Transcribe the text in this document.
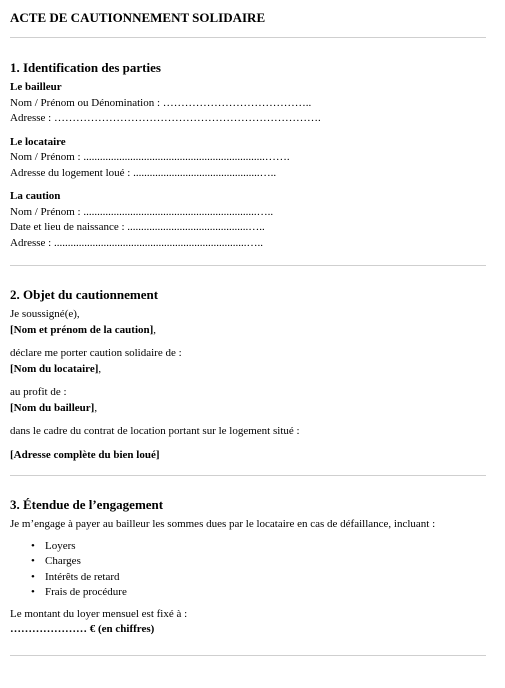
ACTE DE CAUTIONNEMENT SOLIDAIRE
1. Identification des parties
Le bailleur

Nom / Prénom ou Dénomination : …………………………………..

Adresse : ……………………………………………………………….

Le locataire

Nom / Prénom : ..................................................................…….

Adresse du logement loué : ..............................................…..

La caution

Nom / Prénom : ...............................................................…..

Date et lieu de naissance : ............................................…..

Adresse : ......................................................................…..

2. Objet du cautionnement

Je soussigné(e),

[Nom et prénom de la caution],

déclare me porter caution solidaire de :

[Nom du locataire],

au profit de :

[Nom du bailleur],

dans le cadre du contrat de location portant sur le logement situé :

[Adresse complète du bien loué]

3. Étendue de l’engagement

Je m’engage à payer au bailleur les sommes dues par le locataire en cas de défaillance, incluant :

• Loyers
• Charges
• Intérêts de retard
• Frais de procédure

Le montant du loyer mensuel est fixé à :

………………… € (en chiffres)
